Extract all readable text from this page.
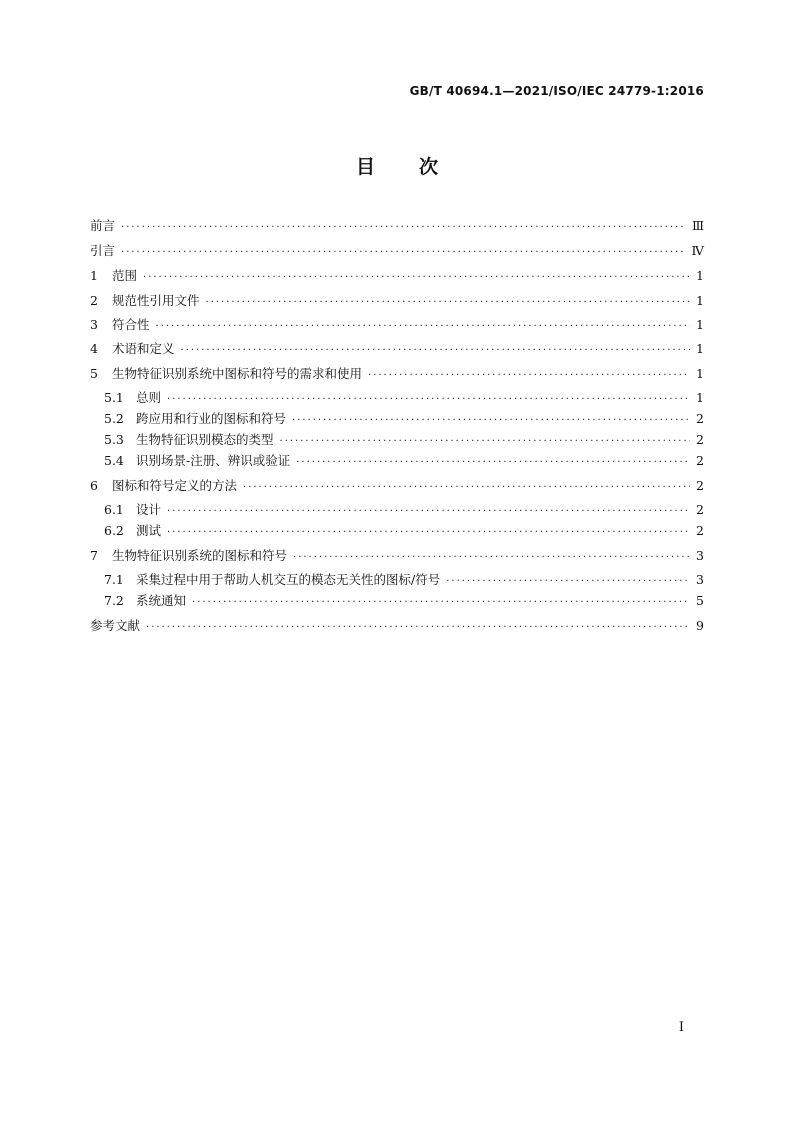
GB/T 40694.1—2021/ISO/IEC 24779-1:2016
目次
前言 ·····	Ⅲ
引言 ·····	Ⅳ
1	范围 ·····	1
2	规范性引用文件 ·····	1
3	符合性 ·····	1
4	术语和定义 ·····	1
5	生物特征识别系统中图标和符号的需求和使用 ·····	1
5.1 总则 ·····	1
5.2 跨应用和行业的图标和符号 ·····	2
5.3 生物特征识别模态的类型 ·····	2
5.4 识别场景-注册、辨识或验证 ·····	2
6	图标和符号定义的方法 ·····	2
6.1 设计 ·····	2
6.2 测试 ·····	2
7	生物特征识别系统的图标和符号 ·····	3
7.1 采集过程中用于帮助人机交互的模态无关性的图标/符号 ·····	3
7.2 系统通知 ·····	5
参考文献 ·····	9
I
